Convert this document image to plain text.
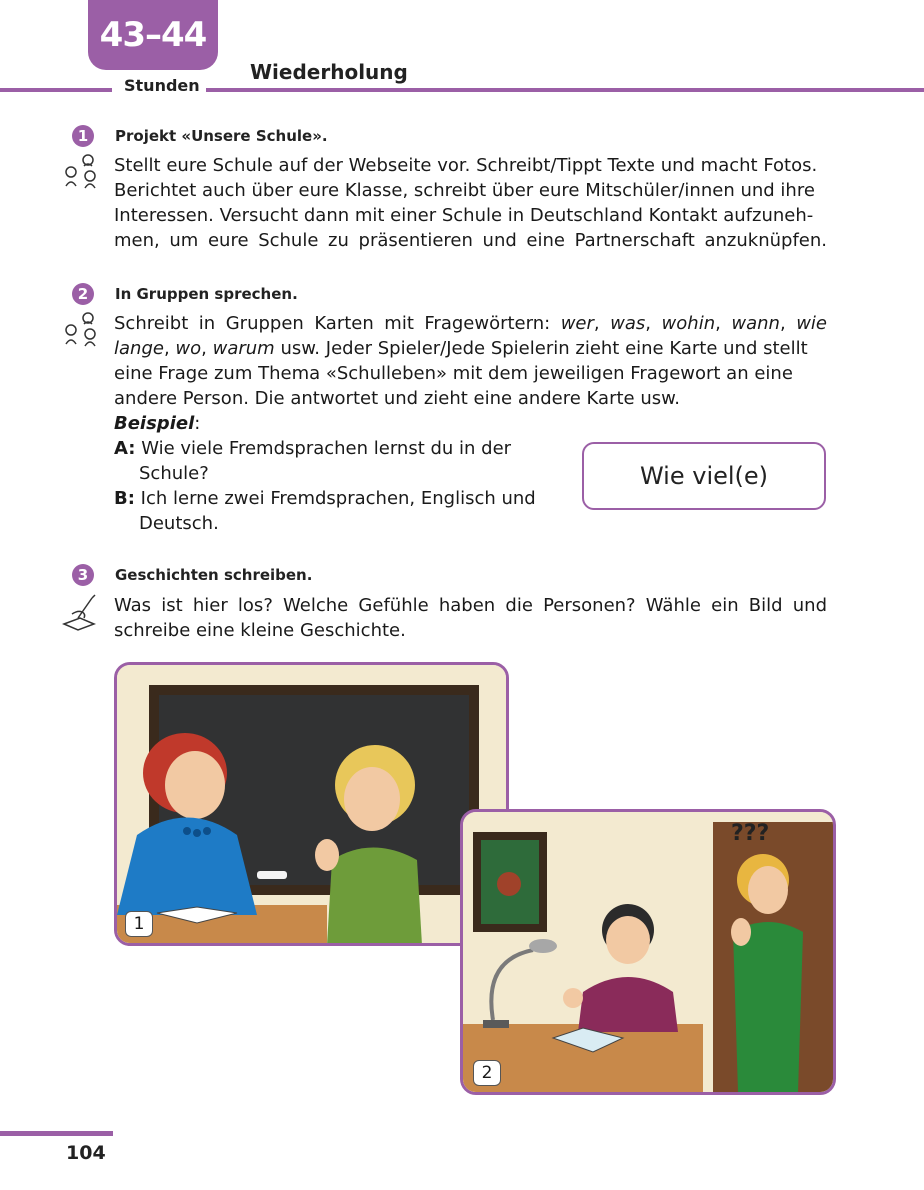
43–44
Stunden
Wiederholung
1	Projekt «Unsere Schule».
Stellt eure Schule auf der Webseite vor. Schreibt/Tippt Texte und macht Fotos.
Berichtet auch über eure Klasse, schreibt über eure Mitschüler/innen und ihre
Interessen. Versucht dann mit einer Schule in Deutschland Kontakt aufzuneh-
men, um eure Schule zu präsentieren und eine Partnerschaft anzuknüpfen.
2	In Gruppen sprechen.
Schreibt in Gruppen Karten mit Fragewörtern: wer, was, wohin, wann, wie
lange, wo, warum usw. Jeder Spieler/Jede Spielerin zieht eine Karte und stellt
eine Frage zum Thema «Schulleben» mit dem jeweiligen Fragewort an eine
andere Person. Die antwortet und zieht eine andere Karte usw.
Beispiel:
A: Wie viele Fremdsprachen lernst du in der
Schule?
B: Ich lerne zwei Fremdsprachen, Englisch und
Deutsch.
Wie viel(e)
3	Geschichten schreiben.
Was ist hier los? Welche Gefühle haben die Personen? Wähle ein Bild und
schreibe eine kleine Geschichte.
1
???
2
104
